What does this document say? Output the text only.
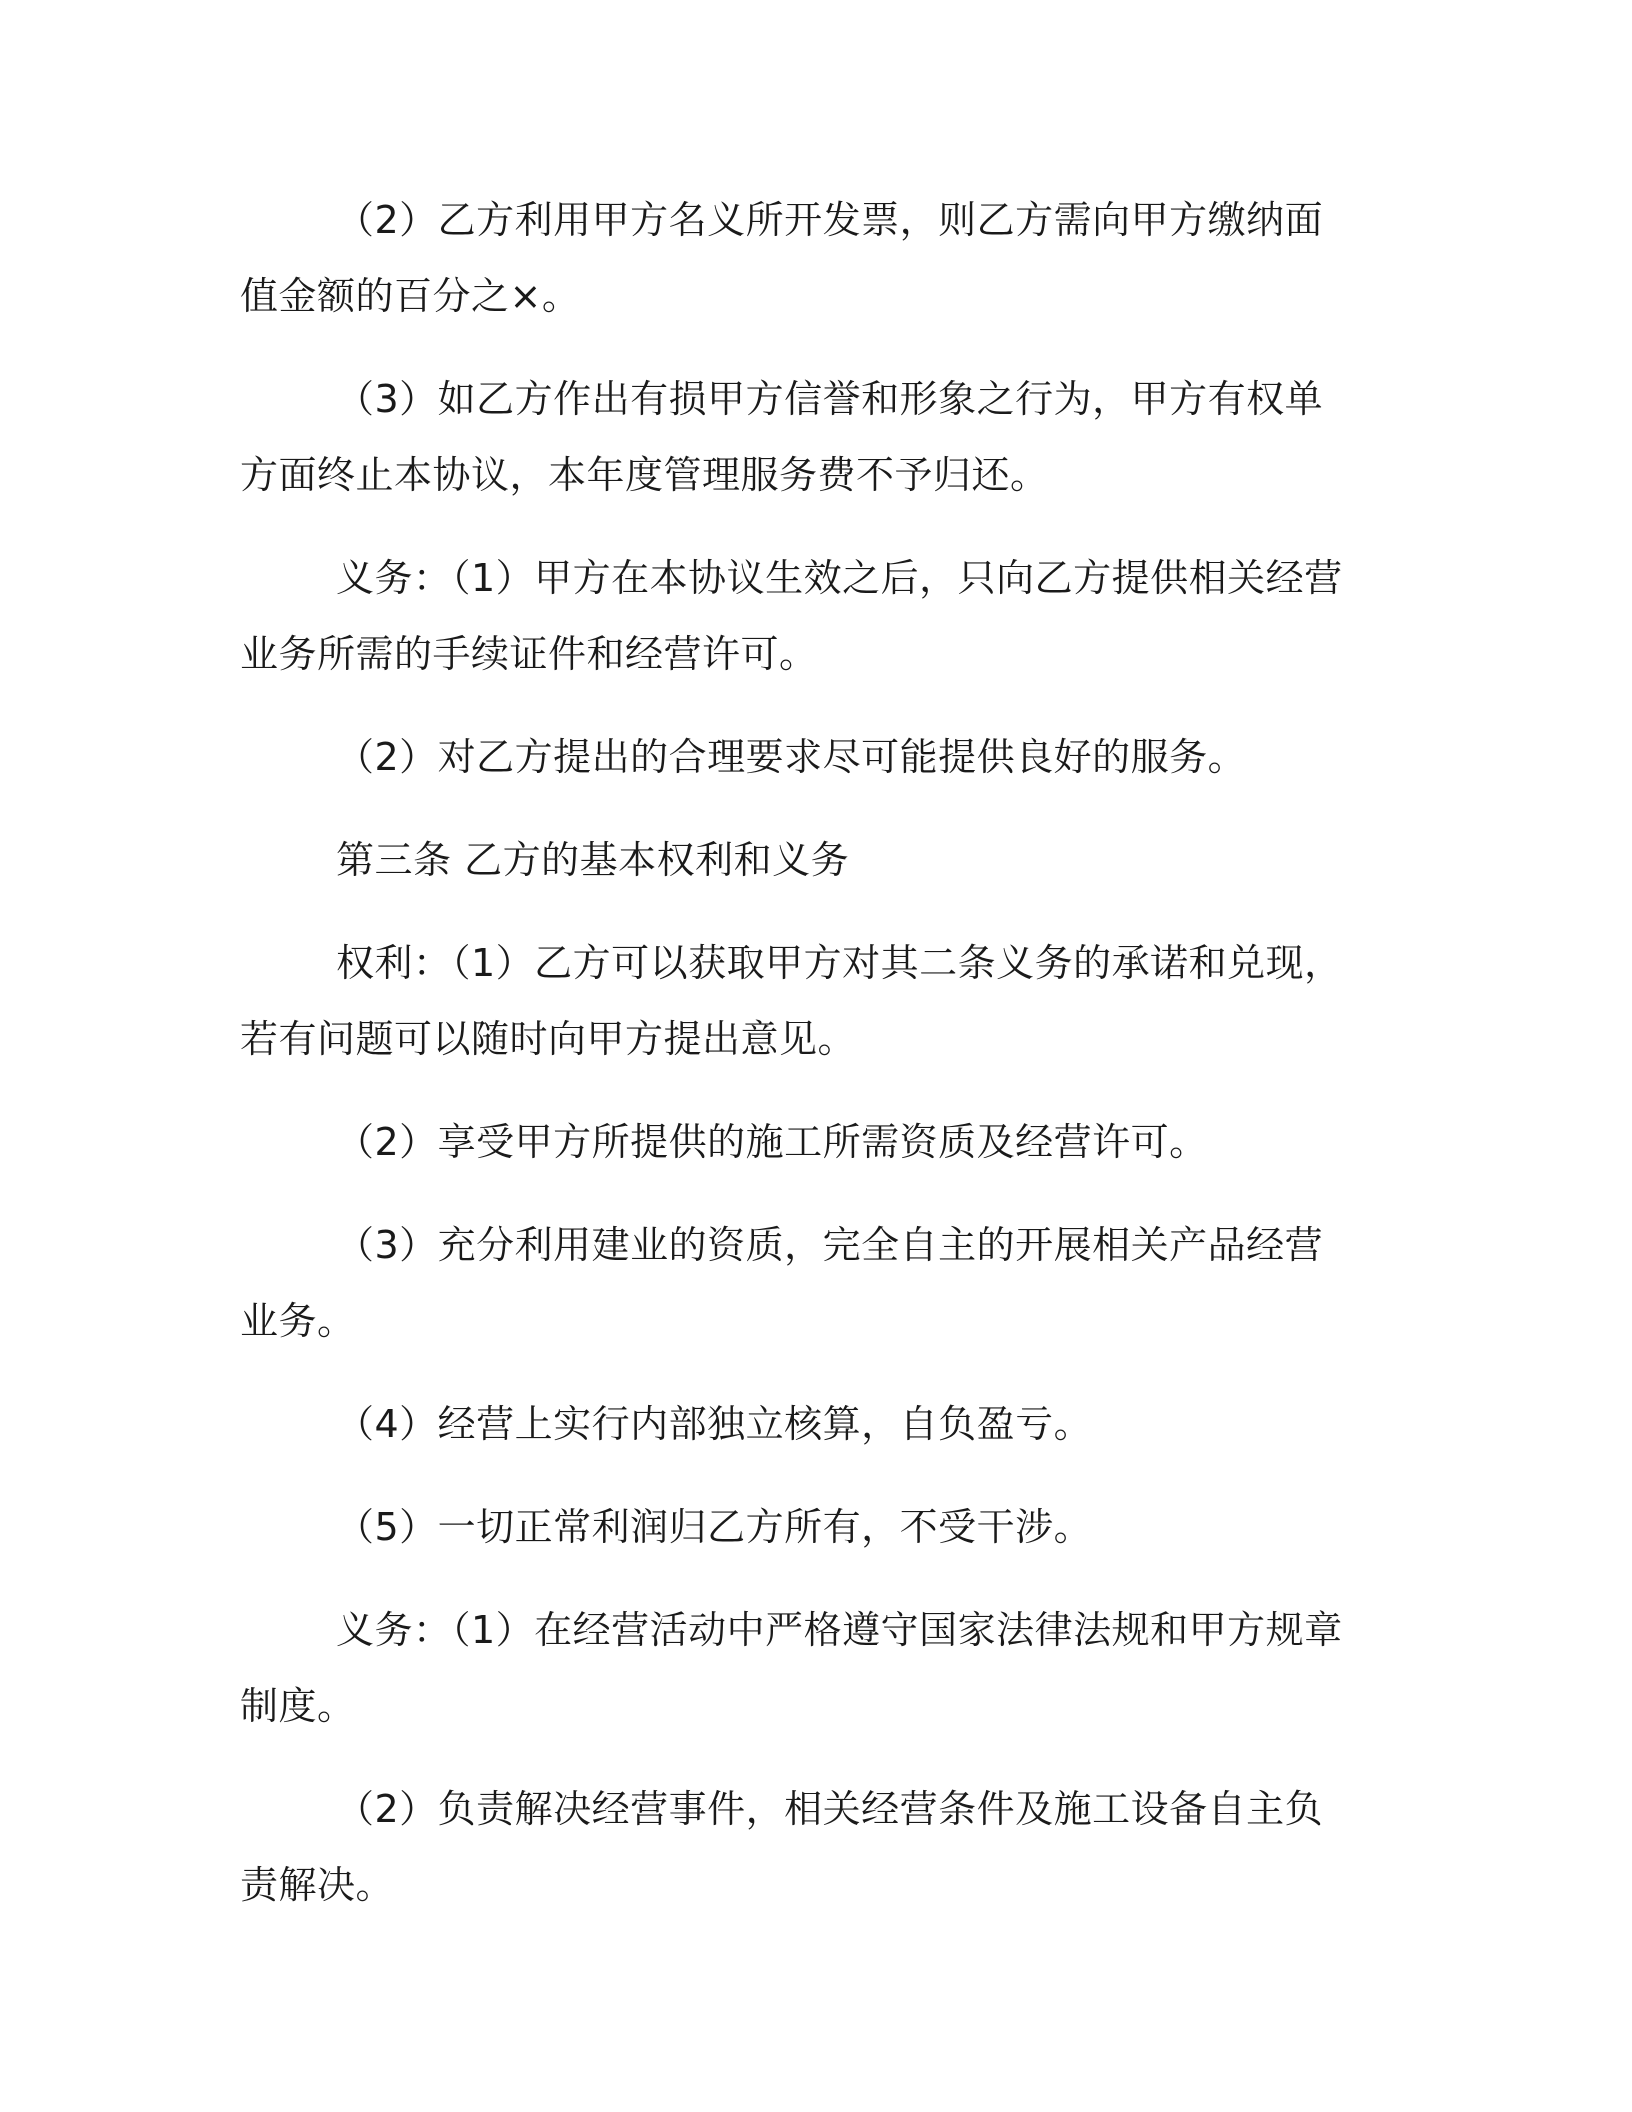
（2）乙方利用甲方名义所开发票，则乙方需向甲方缴纳面值金额的百分之×。

（3）如乙方作出有损甲方信誉和形象之行为，甲方有权单方面终止本协议，本年度管理服务费不予归还。

义务：（1）甲方在本协议生效之后，只向乙方提供相关经营业务所需的手续证件和经营许可。

（2）对乙方提出的合理要求尽可能提供良好的服务。

第三条 乙方的基本权利和义务

权利：（1）乙方可以获取甲方对其二条义务的承诺和兑现，若有问题可以随时向甲方提出意见。

（2）享受甲方所提供的施工所需资质及经营许可。

（3）充分利用建业的资质，完全自主的开展相关产品经营业务。

（4）经营上实行内部独立核算，自负盈亏。

（5）一切正常利润归乙方所有，不受干涉。

义务：（1）在经营活动中严格遵守国家法律法规和甲方规章制度。

（2）负责解决经营事件，相关经营条件及施工设备自主负责解决。
